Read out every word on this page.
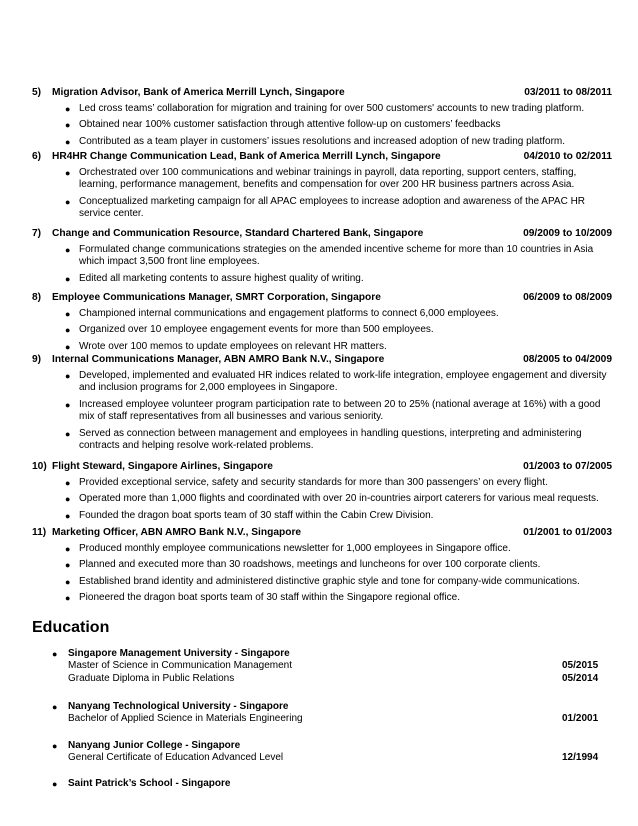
5)	Migration Advisor, Bank of America Merrill Lynch, Singapore	03/2011 to 08/2011
● Led cross teams’ collaboration for migration and training for over 500 customers' accounts to new trading platform.
● Obtained near 100% customer satisfaction through attentive follow-up on customers’ feedbacks
● Contributed as a team player in customers’ issues resolutions and increased adoption of new trading platform.
6)	HR4HR Change Communication Lead, Bank of America Merrill Lynch, Singapore	04/2010 to 02/2011
● Orchestrated over 100 communications and webinar trainings in payroll, data reporting, support centers, staffing, learning, performance management, benefits and compensation for over 200 HR business partners across Asia.
● Conceptualized marketing campaign for all APAC employees to increase adoption and awareness of the APAC HR service center.
7)	Change and Communication Resource, Standard Chartered Bank, Singapore	09/2009 to 10/2009
● Formulated change communications strategies on the amended incentive scheme for more than 10 countries in Asia which impact 3,500 front line employees.
● Edited all marketing contents to assure highest quality of writing.
8)	Employee Communications Manager, SMRT Corporation, Singapore	06/2009 to 08/2009
● Championed internal communications and engagement platforms to connect 6,000 employees.
● Organized over 10 employee engagement events for more than 500 employees.
● Wrote over 100 memos to update employees on relevant HR matters.
9)	Internal Communications Manager, ABN AMRO Bank N.V., Singapore	08/2005 to 04/2009
● Developed, implemented and evaluated HR indices related to work-life integration, employee engagement and diversity and inclusion programs for 2,000 employees in Singapore.
● Increased employee volunteer program participation rate to between 20 to 25% (national average at 16%) with a good mix of staff representatives from all businesses and various seniority.
● Served as connection between management and employees in handling questions, interpreting and administering contracts and helping resolve work-related problems.
10) Flight Steward, Singapore Airlines, Singapore	01/2003 to 07/2005
● Provided exceptional service, safety and security standards for more than 300 passengers’ on every flight.
● Operated more than 1,000 flights and coordinated with over 20 in-countries airport caterers for various meal requests.
● Founded the dragon boat sports team of 30 staff within the Cabin Crew Division.
11) Marketing Officer, ABN AMRO Bank N.V., Singapore	01/2001 to 01/2003
● Produced monthly employee communications newsletter for 1,000 employees in Singapore office.
● Planned and executed more than 30 roadshows, meetings and luncheons for over 100 corporate clients.
● Established brand identity and administered distinctive graphic style and tone for company-wide communications.
● Pioneered the dragon boat sports team of 30 staff within the Singapore regional office.
Education
●	Singapore Management University - Singapore
Master of Science in Communication Management	05/2015
Graduate Diploma in Public Relations	05/2014
●	Nanyang Technological University - Singapore
Bachelor of Applied Science in Materials Engineering	01/2001
●	Nanyang Junior College - Singapore
General Certificate of Education Advanced Level	12/1994
●	Saint Patrick’s School - Singapore
